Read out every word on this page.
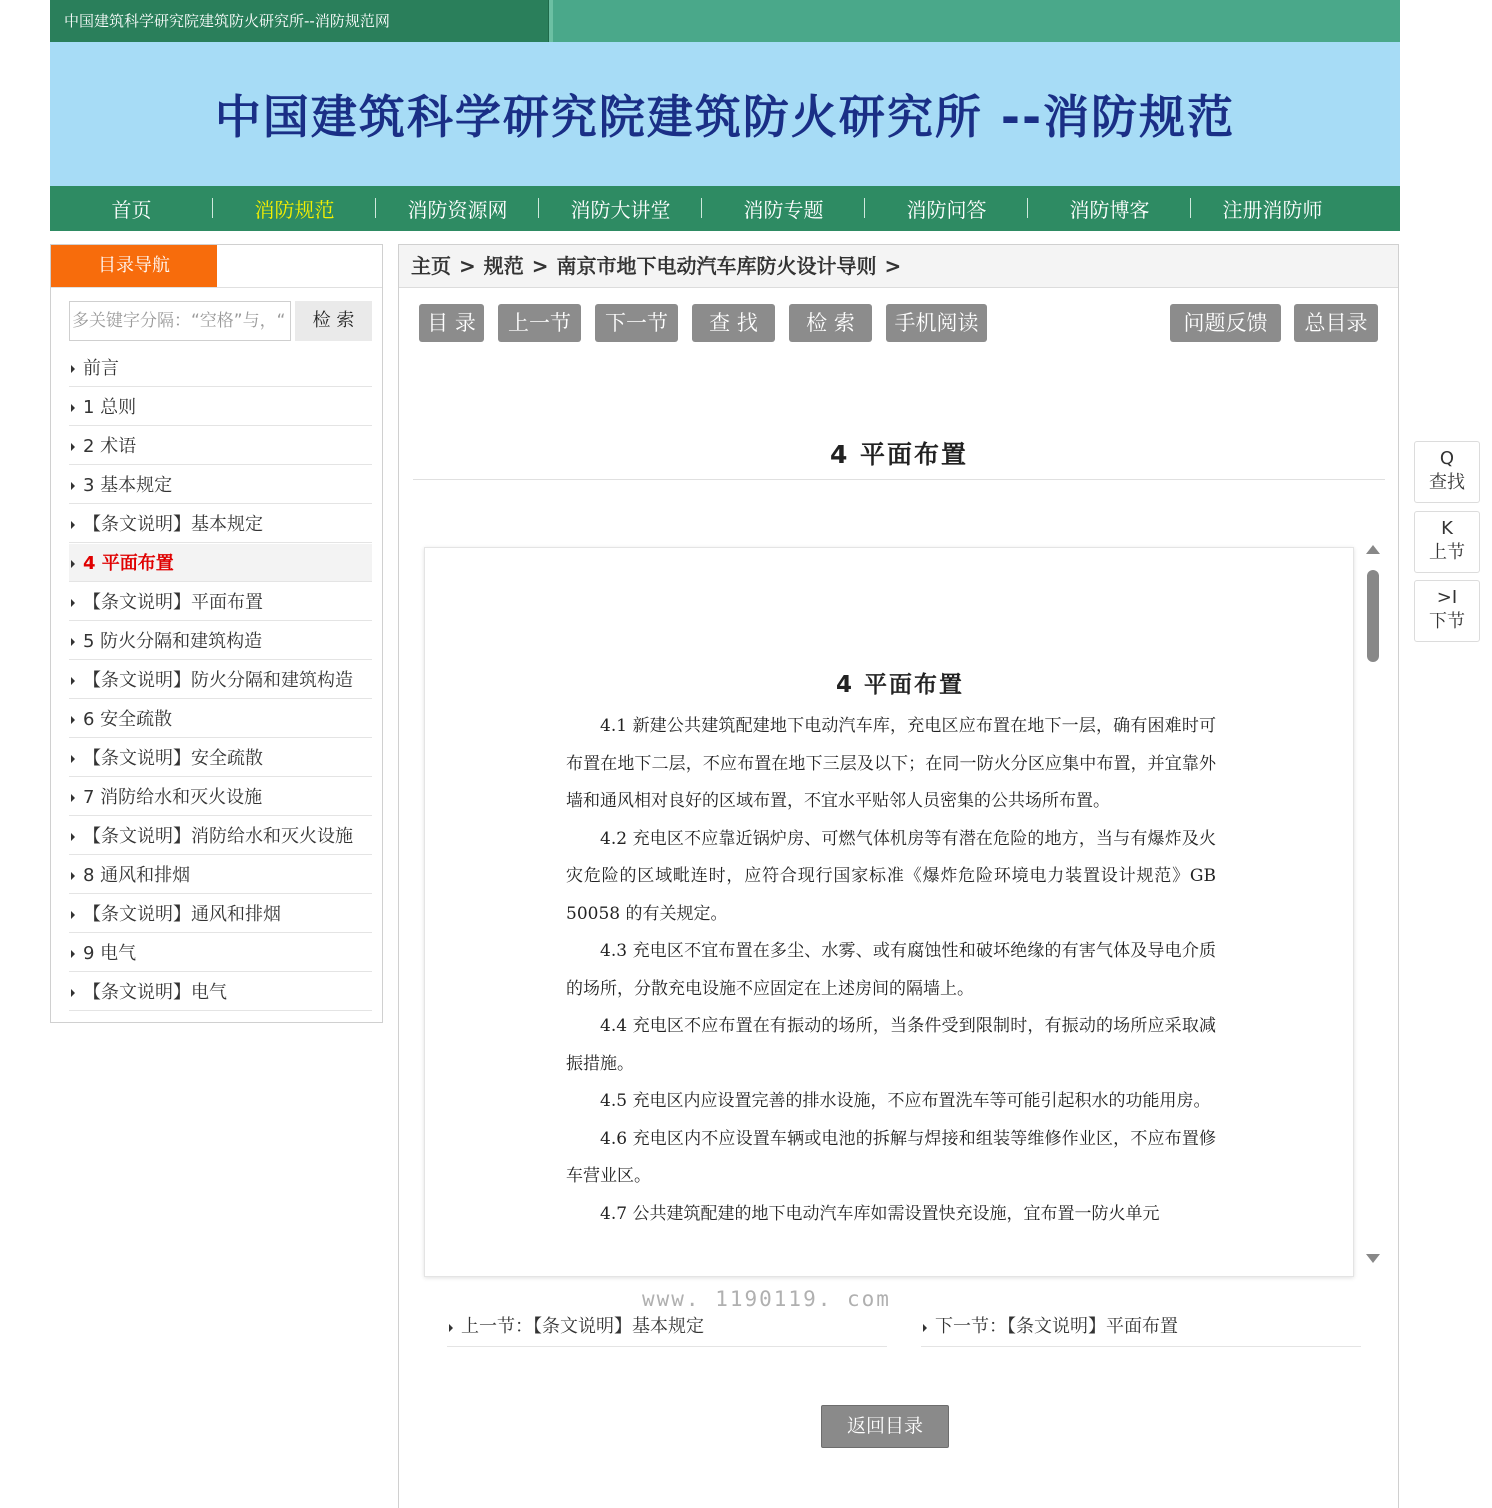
中国建筑科学研究院建筑防火研究所--消防规范网
中国建筑科学研究院建筑防火研究所 --消防规范
首页	消防规范	消防资源网	消防大讲堂	消防专题	消防问答	消防博客	注册消防师
目录导航
多关键字分隔：“空格”与，“	检 索
前言
1 总则
2 术语
3 基本规定
【条文说明】基本规定
4 平面布置
【条文说明】平面布置
5 防火分隔和建筑构造
【条文说明】防火分隔和建筑构造
6 安全疏散
【条文说明】安全疏散
7 消防给水和灭火设施
【条文说明】消防给水和灭火设施
8 通风和排烟
【条文说明】通风和排烟
9 电气
【条文说明】电气
主页 > 规范 > 南京市地下电动汽车库防火设计导则 >
目 录	上一节	下一节	查 找	检 索	手机阅读	问题反馈	总目录
4 平面布置
4 平面布置

4.1 新建公共建筑配建地下电动汽车库，充电区应布置在地下一层，确有困难时可布置在地下二层，不应布置在地下三层及以下；在同一防火分区应集中布置，并宜靠外墙和通风相对良好的区域布置，不宜水平贴邻人员密集的公共场所布置。

4.2 充电区不应靠近锅炉房、可燃气体机房等有潜在危险的地方，当与有爆炸及火灾危险的区域毗连时，应符合现行国家标准《爆炸危险环境电力装置设计规范》GB 50058 的有关规定。

4.3 充电区不宜布置在多尘、水雾、或有腐蚀性和破坏绝缘的有害气体及导电介质的场所，分散充电设施不应固定在上述房间的隔墙上。

4.4 充电区不应布置在有振动的场所，当条件受到限制时，有振动的场所应采取减振措施。

4.5 充电区内应设置完善的排水设施，不应布置洗车等可能引起积水的功能用房。

4.6 充电区内不应设置车辆或电池的拆解与焊接和组装等维修作业区，不应布置修车营业区。

4.7 公共建筑配建的地下电动汽车库如需设置快充设施，宜布置一防火单元

www. 1190119. com
上一节：【条文说明】基本规定	下一节：【条文说明】平面布置
返回目录
Q
查找
K
上节
>I
下节
